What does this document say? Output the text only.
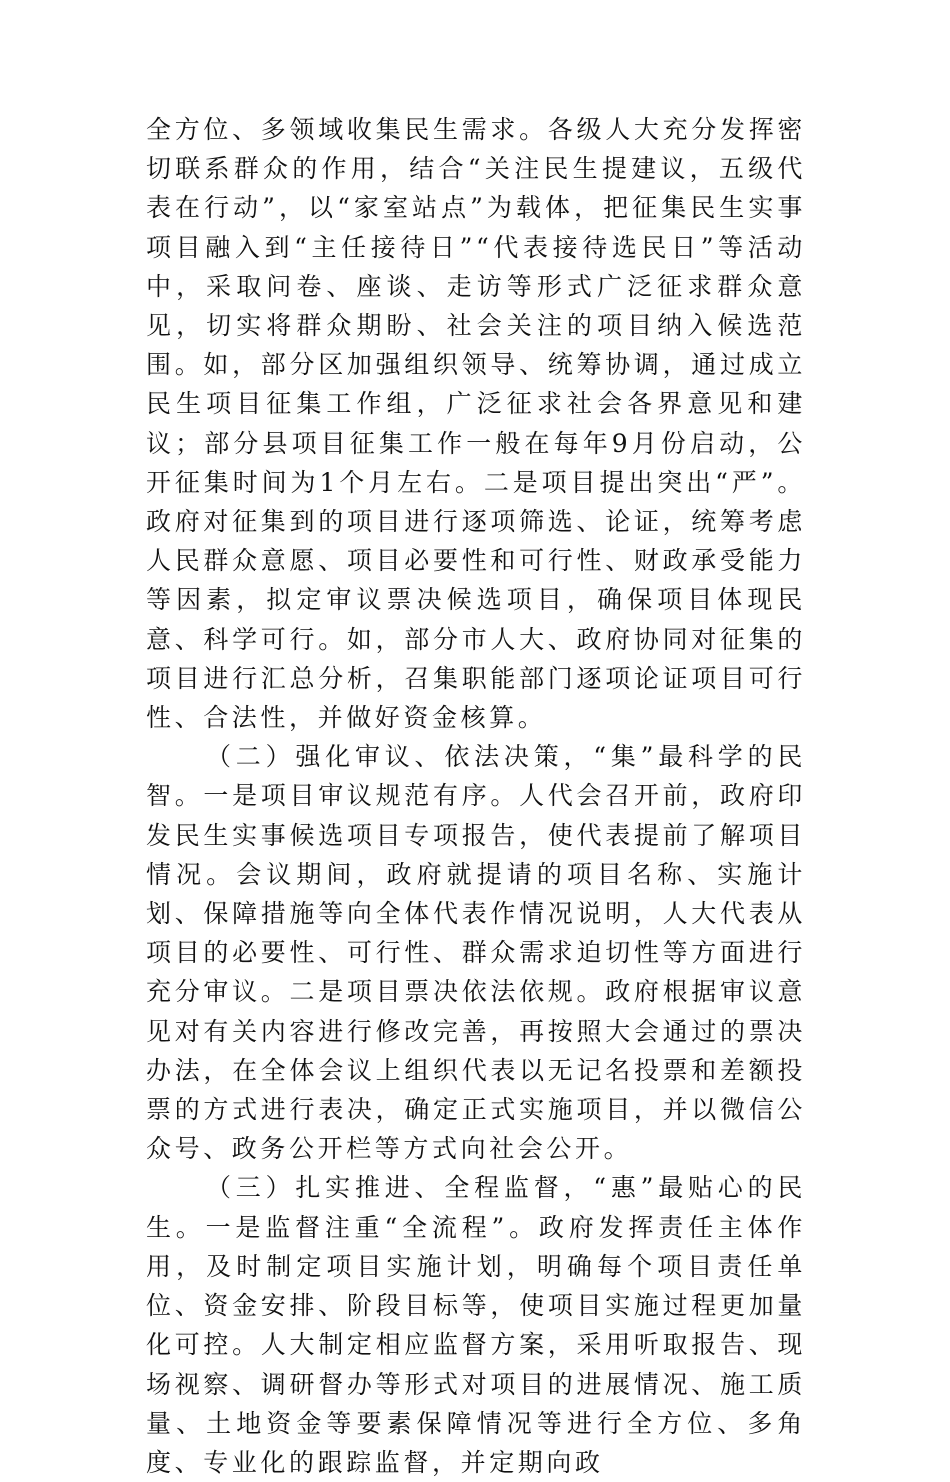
全方位、多领域收集民生需求。各级人大充分发挥密切联系群众的作用，结合“关注民生提建议，五级代表在行动”，以“家室站点”为载体，把征集民生实事项目融入到“主任接待日”“代表接待选民日”等活动中，采取问卷、座谈、走访等形式广泛征求群众意见，切实将群众期盼、社会关注的项目纳入候选范围。如，部分区加强组织领导、统筹协调，通过成立民生项目征集工作组，广泛征求社会各界意见和建议；部分县项目征集工作一般在每年9月份启动，公开征集时间为1个月左右。二是项目提出突出“严”。政府对征集到的项目进行逐项筛选、论证，统筹考虑人民群众意愿、项目必要性和可行性、财政承受能力等因素，拟定审议票决候选项目，确保项目体现民意、科学可行。如，部分市人大、政府协同对征集的项目进行汇总分析，召集职能部门逐项论证项目可行性、合法性，并做好资金核算。

（二）强化审议、依法决策，“集”最科学的民智。一是项目审议规范有序。人代会召开前，政府印发民生实事候选项目专项报告，使代表提前了解项目情况。会议期间，政府就提请的项目名称、实施计划、保障措施等向全体代表作情况说明，人大代表从项目的必要性、可行性、群众需求迫切性等方面进行充分审议。二是项目票决依法依规。政府根据审议意见对有关内容进行修改完善，再按照大会通过的票决办法，在全体会议上组织代表以无记名投票和差额投票的方式进行表决，确定正式实施项目，并以微信公众号、政务公开栏等方式向社会公开。

（三）扎实推进、全程监督，“惠”最贴心的民生。一是监督注重“全流程”。政府发挥责任主体作用，及时制定项目实施计划，明确每个项目责任单位、资金安排、阶段目标等，使项目实施过程更加量化可控。人大制定相应监督方案，采用听取报告、现场视察、调研督办等形式对项目的进展情况、施工质量、土地资金等要素保障情况等进行全方位、多角度、专业化的跟踪监督，并定期向政
